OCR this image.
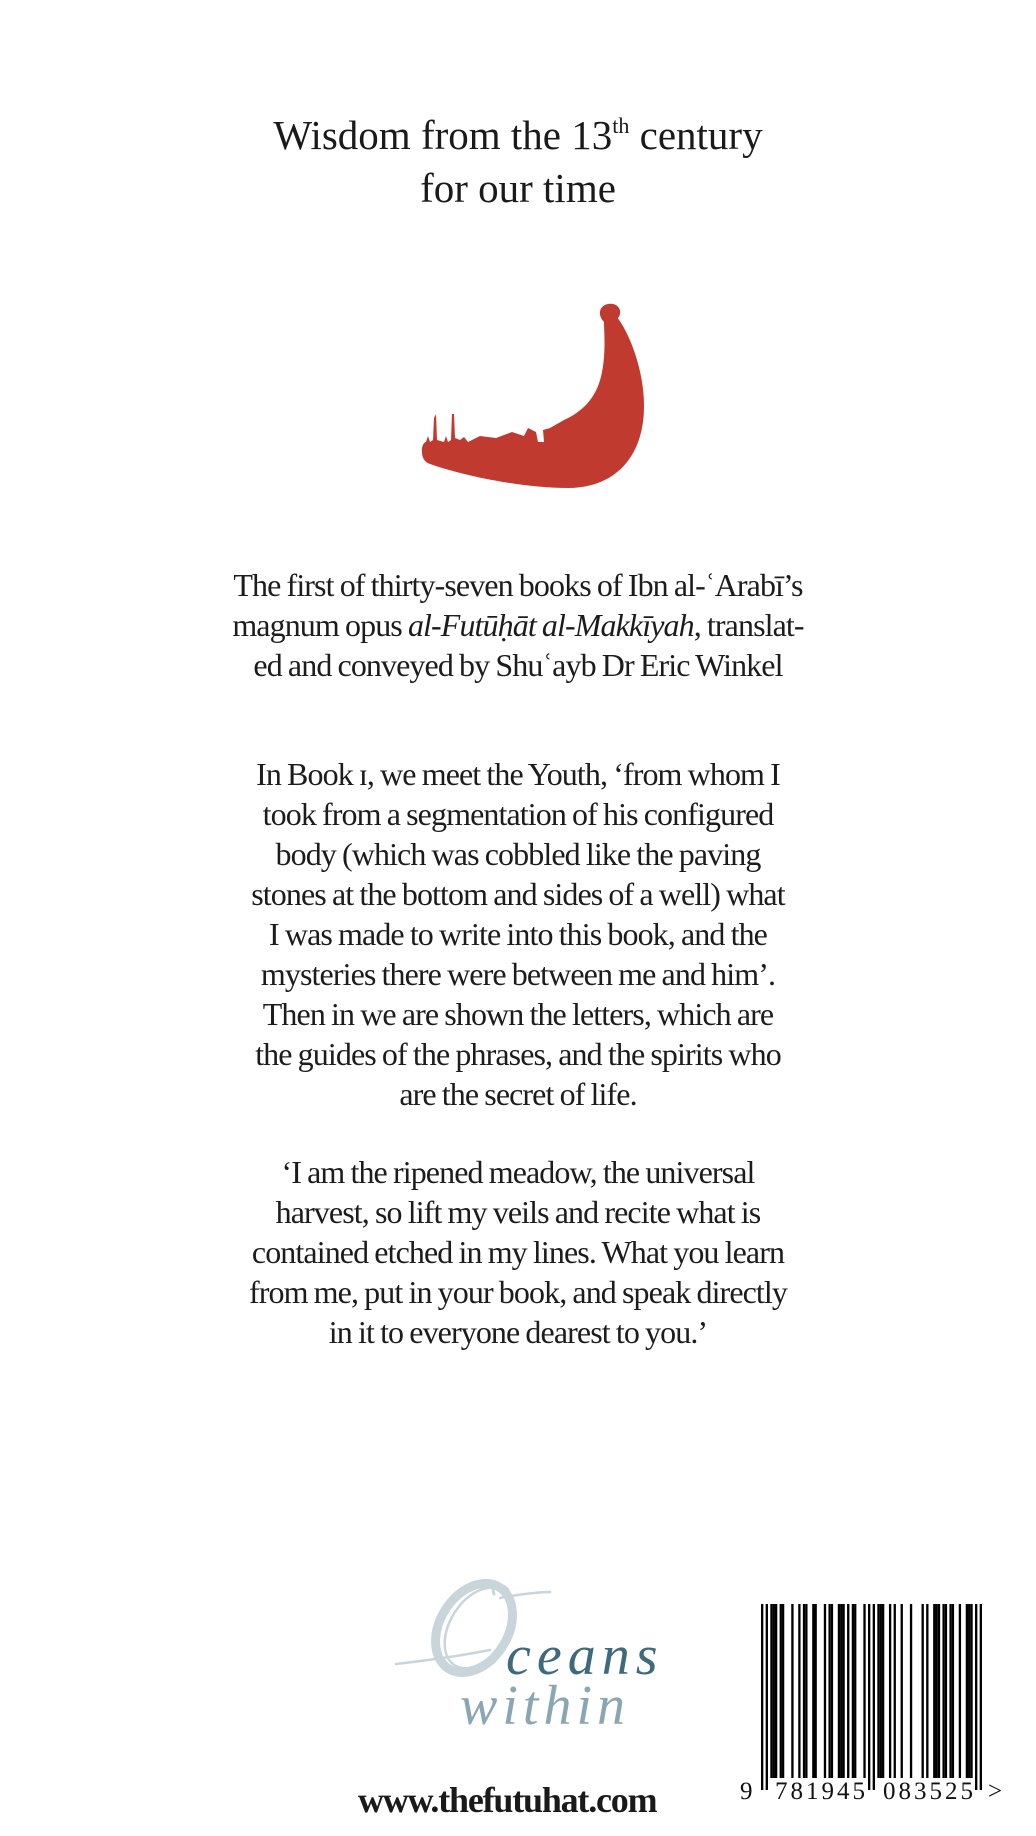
Wisdom from the 13th century
for our time
The first of thirty-seven books of Ibn al-ʿArabī’s
magnum opus al-Futūḥāt al-Makkīyah, translat-
ed and conveyed by Shuʿayb Dr Eric Winkel
In Book ɪ, we meet the Youth, ‘from whom I
took from a segmentation of his configured
body (which was cobbled like the paving
stones at the bottom and sides of a well) what
I was made to write into this book, and the
mysteries there were between me and him’.
Then in we are shown the letters, which are
the guides of the phrases, and the spirits who
are the secret of life.
‘I am the ripened meadow, the universal
harvest, so lift my veils and recite what is
contained etched in my lines. What you learn
from me, put in your book, and speak directly
in it to everyone dearest to you.’
ceans
within
9 781945 083525 >
www.thefutuhat.com
